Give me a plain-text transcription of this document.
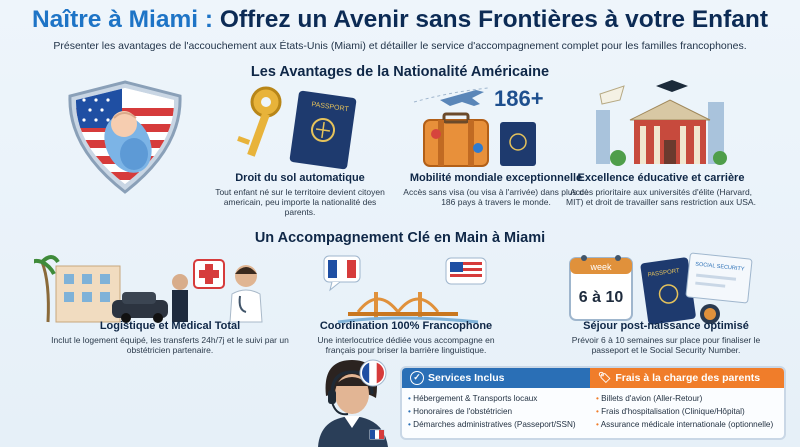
Naître à Miami : Offrez un Avenir sans Frontières à votre Enfant
Présenter les avantages de l'accouchement aux États-Unis (Miami) et détailler le service d'accompagnement complet pour les familles francophones.
Les Avantages de la Nationalité Américaine
PASSPORT	186+
Droit du sol automatique
Tout enfant né sur le territoire devient citoyen americain, peu importe la nationalité des parents.
Mobilité mondiale exceptionnelle
Accès sans visa (ou visa à l'arrivée) dans plus de 186 pays à travers le monde.
Excellence éducative et carrière
Accès prioritaire aux universités d'élite (Harvard, MIT) et droit de travailler sans restriction aux USA.
Un Accompagnement Clé en Main à Miami
week
6 à 10
PASSPORT
SOCIAL SECURITY
Logistique et Médical Total
Inclut le logement équipé, les transferts 24h/7j et le suivi par un obstétricien partenaire.
Coordination 100% Francophone
Une interlocutrice dédiée vous accompagne en français pour briser la barrière linguistique.
Séjour post-naissance optimisé
Prévoir 6 à 10 semaines sur place pour finaliser le passeport et le Social Security Number.
✓ Services Inclus	🏷 Frais à la charge des parents
• Hébergement & Transports locaux
• Honoraires de l'obstétricien
• Démarches administratives (Passeport/SSN)
• Billets d'avion (Aller-Retour)
• Frais d'hospitalisation (Clinique/Hôpital)
• Assurance médicale internationale (optionnelle)
